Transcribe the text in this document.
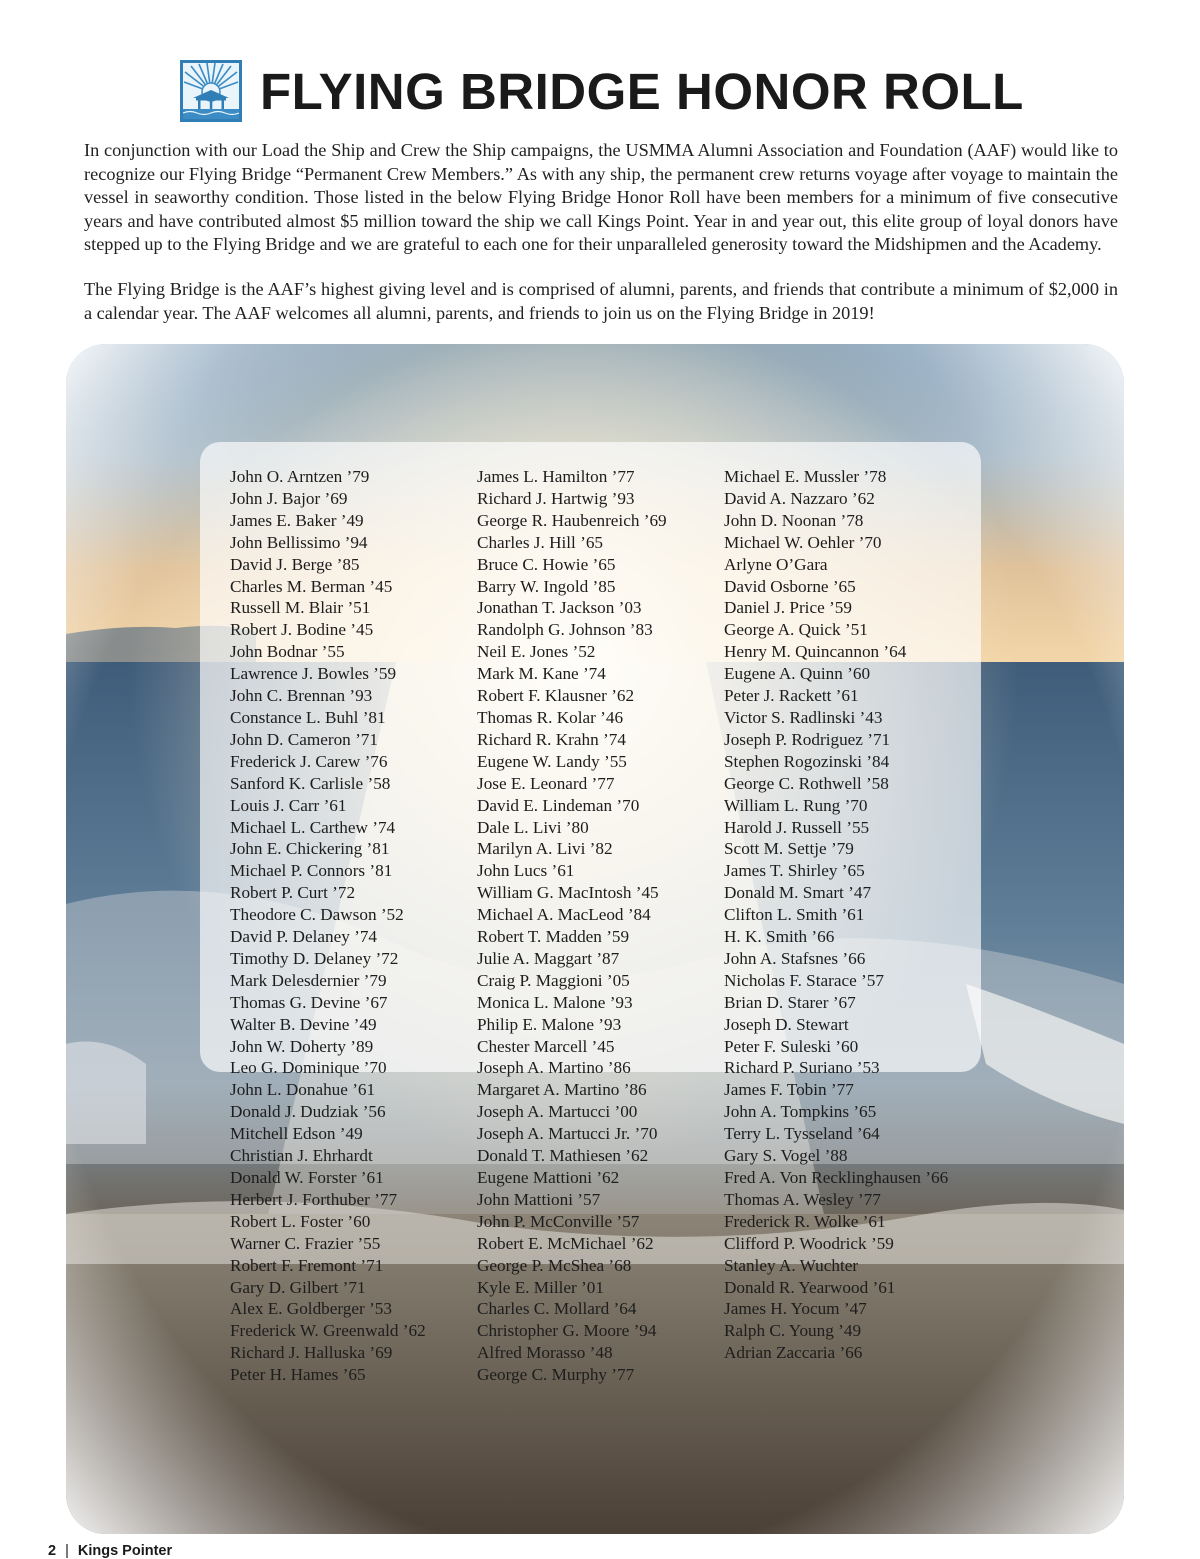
FLYING BRIDGE HONOR ROLL

In conjunction with our Load the Ship and Crew the Ship campaigns, the USMMA Alumni Association and Foundation (AAF) would like to recognize our Flying Bridge “Permanent Crew Members.” As with any ship, the permanent crew returns voyage after voyage to maintain the vessel in seaworthy condition. Those listed in the below Flying Bridge Honor Roll have been members for a minimum of five consecutive years and have contributed almost $5 million toward the ship we call Kings Point. Year in and year out, this elite group of loyal donors have stepped up to the Flying Bridge and we are grateful to each one for their unparalleled generosity toward the Midshipmen and the Academy.

The Flying Bridge is the AAF’s highest giving level and is comprised of alumni, parents, and friends that contribute a minimum of $2,000 in a calendar year. The AAF welcomes all alumni, parents, and friends to join us on the Flying Bridge in 2019!

John O. Arntzen ’79
John J. Bajor ’69
James E. Baker ’49
John Bellissimo ’94
David J. Berge ’85
Charles M. Berman ’45
Russell M. Blair ’51
Robert J. Bodine ’45
John Bodnar ’55
Lawrence J. Bowles ’59
John C. Brennan ’93
Constance L. Buhl ’81
John D. Cameron ’71
Frederick J. Carew ’76
Sanford K. Carlisle ’58
Louis J. Carr ’61
Michael L. Carthew ’74
John E. Chickering ’81
Michael P. Connors ’81
Robert P. Curt ’72
Theodore C. Dawson ’52
David P. Delaney ’74
Timothy D. Delaney ’72
Mark Delesdernier ’79
Thomas G. Devine ’67
Walter B. Devine ’49
John W. Doherty ’89
Leo G. Dominique ’70
John L. Donahue ’61
Donald J. Dudziak ’56
Mitchell Edson ’49
Christian J. Ehrhardt
Donald W. Forster ’61
Herbert J. Forthuber ’77
Robert L. Foster ’60
Warner C. Frazier ’55
Robert F. Fremont ’71
Gary D. Gilbert ’71
Alex E. Goldberger ’53
Frederick W. Greenwald ’62
Richard J. Halluska ’69
Peter H. Hames ’65
James L. Hamilton ’77
Richard J. Hartwig ’93
George R. Haubenreich ’69
Charles J. Hill ’65
Bruce C. Howie ’65
Barry W. Ingold ’85
Jonathan T. Jackson ’03
Randolph G. Johnson ’83
Neil E. Jones ’52
Mark M. Kane ’74
Robert F. Klausner ’62
Thomas R. Kolar ’46
Richard R. Krahn ’74
Eugene W. Landy ’55
Jose E. Leonard ’77
David E. Lindeman ’70
Dale L. Livi ’80
Marilyn A. Livi ’82
John Lucs ’61
William G. MacIntosh ’45
Michael A. MacLeod ’84
Robert T. Madden ’59
Julie A. Maggart ’87
Craig P. Maggioni ’05
Monica L. Malone ’93
Philip E. Malone ’93
Chester Marcell ’45
Joseph A. Martino ’86
Margaret A. Martino ’86
Joseph A. Martucci ’00
Joseph A. Martucci Jr. ’70
Donald T. Mathiesen ’62
Eugene Mattioni ’62
John Mattioni ’57
John P. McConville ’57
Robert E. McMichael ’62
George P. McShea ’68
Kyle E. Miller ’01
Charles C. Mollard ’64
Christopher G. Moore ’94
Alfred Morasso ’48
George C. Murphy ’77
Michael E. Mussler ’78
David A. Nazzaro ’62
John D. Noonan ’78
Michael W. Oehler ’70
Arlyne O’Gara
David Osborne ’65
Daniel J. Price ’59
George A. Quick ’51
Henry M. Quincannon ’64
Eugene A. Quinn ’60
Peter J. Rackett ’61
Victor S. Radlinski ’43
Joseph P. Rodriguez ’71
Stephen Rogozinski ’84
George C. Rothwell ’58
William L. Rung ’70
Harold J. Russell ’55
Scott M. Settje ’79
James T. Shirley ’65
Donald M. Smart ’47
Clifton L. Smith ’61
H. K. Smith ’66
John A. Stafsnes ’66
Nicholas F. Starace ’57
Brian D. Starer ’67
Joseph D. Stewart
Peter F. Suleski ’60
Richard P. Suriano ’53
James F. Tobin ’77
John A. Tompkins ’65
Terry L. Tysseland ’64
Gary S. Vogel ’88
Fred A. Von Recklinghausen ’66
Thomas A. Wesley ’77
Frederick R. Wolke ’61
Clifford P. Woodrick ’59
Stanley A. Wuchter
Donald R. Yearwood ’61
James H. Yocum ’47
Ralph C. Young ’49
Adrian Zaccaria ’66
2 | Kings Pointer
